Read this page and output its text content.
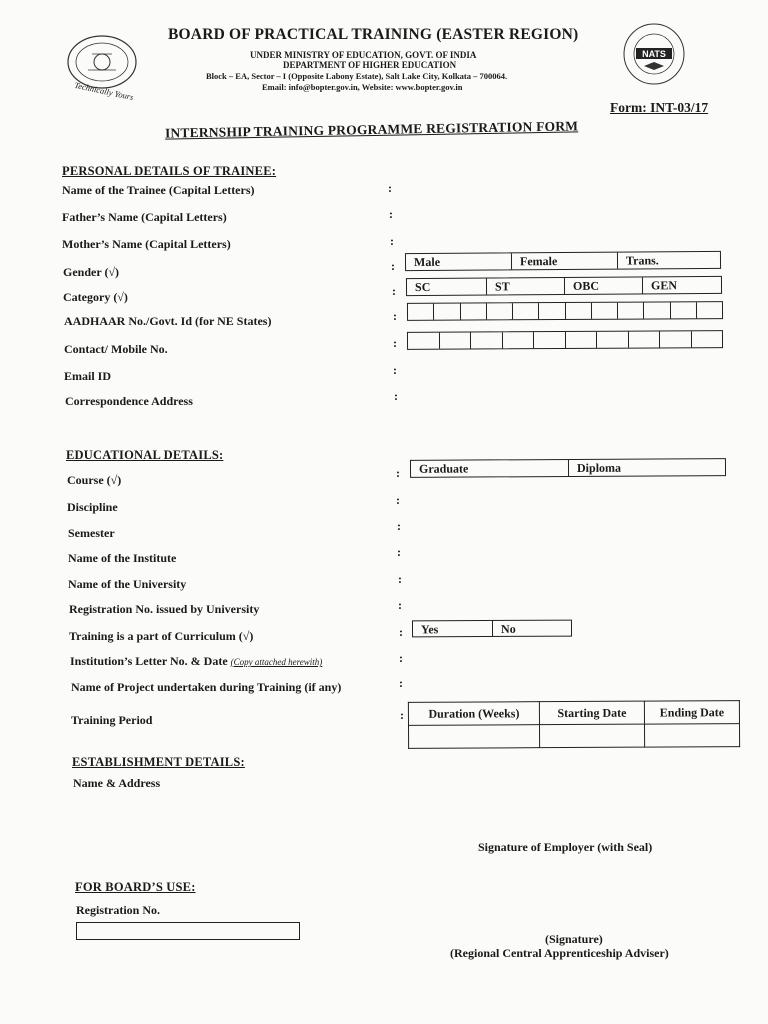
Technically Yours
BOARD OF PRACTICAL TRAINING (EASTER REGION)
UNDER MINISTRY OF EDUCATION, GOVT. OF INDIA
DEPARTMENT OF HIGHER EDUCATION
Block – EA, Sector – I (Opposite Labony Estate), Salt Lake City, Kolkata – 700064.
Email: info@bopter.gov.in, Website: www.bopter.gov.in
NATS
Form: INT-03/17
INTERNSHIP TRAINING PROGRAMME REGISTRATION FORM
PERSONAL DETAILS OF TRAINEE:
Name of the Trainee (Capital Letters)	:
Father’s Name (Capital Letters)	:
Mother’s Name (Capital Letters)	:
Gender (√)	:	Male	Female	Trans.
Category (√)	:	SC	ST	OBC	GEN
AADHAAR No./Govt. Id (for NE States)	:
Contact/ Mobile No.	:
Email ID	:
Correspondence Address	:
EDUCATIONAL DETAILS:
Course (√)	:	Graduate	Diploma
Discipline	:
Semester	:
Name of the Institute	:
Name of the University	:
Registration No. issued by University	:
Training is a part of Curriculum (√)	:	Yes	No
Institution’s Letter No. & Date (Copy attached herewith)	:
Name of Project undertaken during Training (if any)	:
Training Period	: Duration (Weeks)	Starting Date	Ending Date

ESTABLISHMENT DETAILS:
Name & Address
Signature of Employer (with Seal)
FOR BOARD’S USE:
Registration No.
(Signature)
(Regional Central Apprenticeship Adviser)
